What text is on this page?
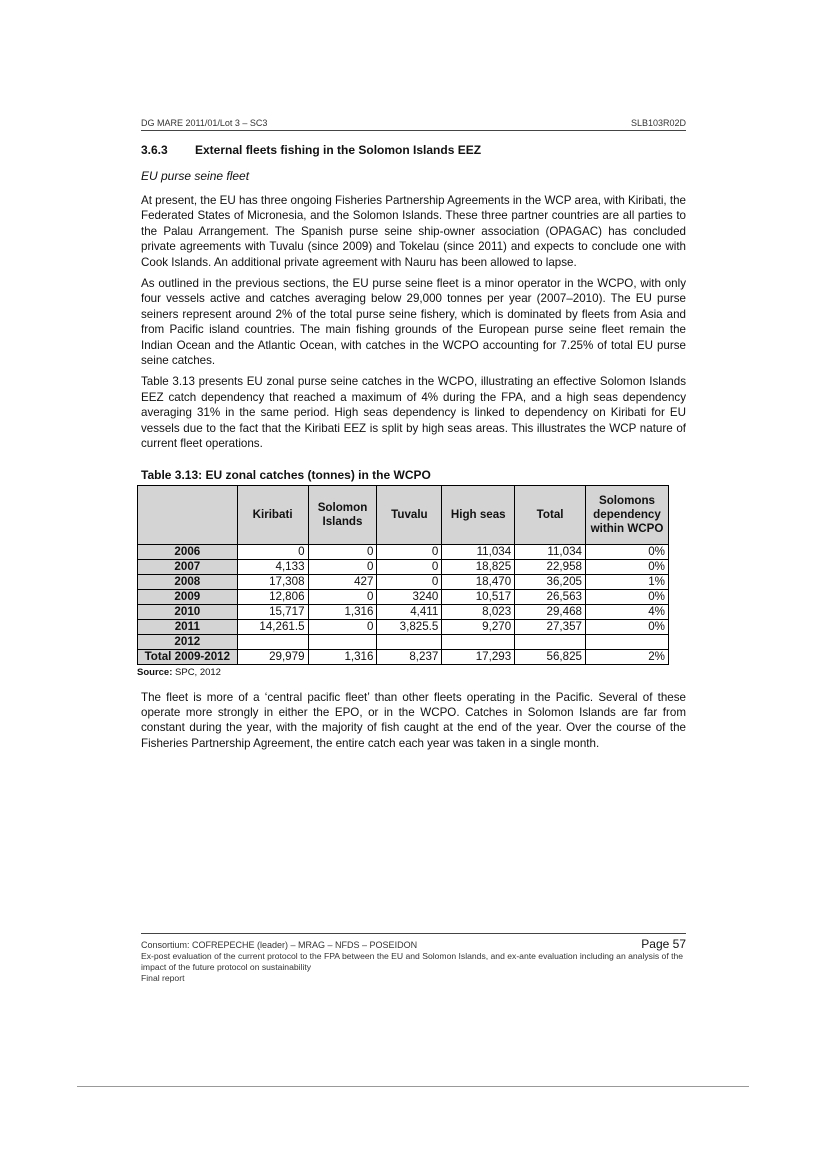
DG MARE 2011/01/Lot 3 – SC3	SLB103R02D
3.6.3	External fleets fishing in the Solomon Islands EEZ
EU purse seine fleet

At present, the EU has three ongoing Fisheries Partnership Agreements in the WCP area, with Kiribati, the Federated States of Micronesia, and the Solomon Islands. These three partner countries are all parties to the Palau Arrangement. The Spanish purse seine ship-owner association (OPAGAC) has concluded private agreements with Tuvalu (since 2009) and Tokelau (since 2011) and expects to conclude one with Cook Islands. An additional private agreement with Nauru has been allowed to lapse.

As outlined in the previous sections, the EU purse seine fleet is a minor operator in the WCPO, with only four vessels active and catches averaging below 29,000 tonnes per year (2007–2010). The EU purse seiners represent around 2% of the total purse seine fishery, which is dominated by fleets from Asia and from Pacific island countries. The main fishing grounds of the European purse seine fleet remain the Indian Ocean and the Atlantic Ocean, with catches in the WCPO accounting for 7.25% of total EU purse seine catches.

Table 3.13 presents EU zonal purse seine catches in the WCPO, illustrating an effective Solomon Islands EEZ catch dependency that reached a maximum of 4% during the FPA, and a high seas dependency averaging 31% in the same period. High seas dependency is linked to dependency on Kiribati for EU vessels due to the fact that the Kiribati EEZ is split by high seas areas. This illustrates the WCP nature of current fleet operations.

Table 3.13: EU zonal catches (tonnes) in the WCPO
	Kiribati	Solomon Islands	Tuvalu	High seas	Total	Solomons dependency within WCPO
2006	0	0	0	11,034	11,034	0%
2007	4,133	0	0	18,825	22,958	0%
2008	17,308	427	0	18,470	36,205	1%
2009	12,806	0	3240	10,517	26,563	0%
2010	15,717	1,316	4,411	8,023	29,468	4%
2011	14,261.5	0	3,825.5	9,270	27,357	0%
2012						
Total 2009-2012	29,979	1,316	8,237	17,293	56,825	2%
Source: SPC, 2012

The fleet is more of a ‘central pacific fleet’ than other fleets operating in the Pacific. Several of these operate more strongly in either the EPO, or in the WCPO. Catches in Solomon Islands are far from constant during the year, with the majority of fish caught at the end of the year. Over the course of the Fisheries Partnership Agreement, the entire catch each year was taken in a single month.

Consortium: COFREPECHE (leader) – MRAG – NFDS – POSEIDON	Page 57
Ex-post evaluation of the current protocol to the FPA between the EU and Solomon Islands, and ex-ante evaluation including an analysis of the impact of the future protocol on sustainability
Final report
